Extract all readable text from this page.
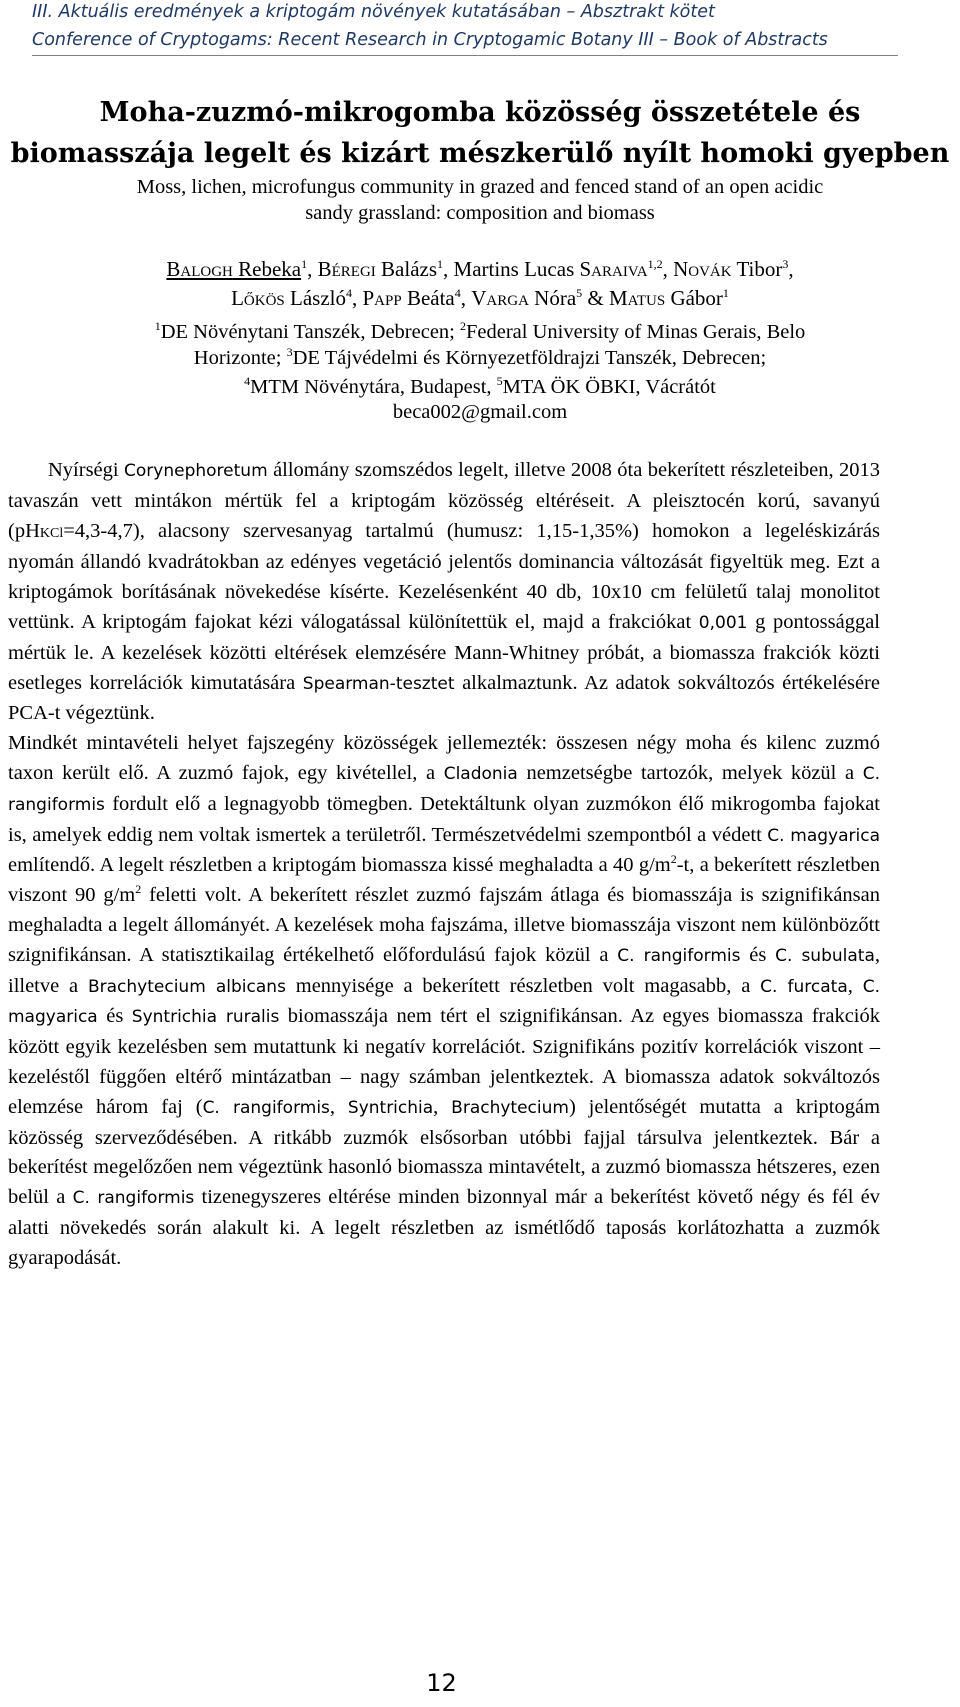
III. Aktuális eredmények a kriptogám növények kutatásában – Absztrakt kötet
Conference of Cryptogams: Recent Research in Cryptogamic Botany III – Book of Abstracts
Moha-zuzmó-mikrogomba közösség összetétele és
biomasszája legelt és kizárt mészkerülő nyílt homoki gyepben
Moss, lichen, microfungus community in grazed and fenced stand of an open acidic
sandy grassland: composition and biomass
Balogh Rebeka$^1$, Béregi Balázs$^1$, Martins Lucas Saraiva$^{1,2}$, Novák Tibor$^3$,
Lőkös László$^4$, Papp Beáta$^4$, Varga Nóra$^5$ & Matus Gábor$^1$
$^1$DE Növénytani Tanszék, Debrecen; $^2$Federal University of Minas Gerais, Belo
Horizonte; $^3$DE Tájvédelmi és Környezetföldrajzi Tanszék, Debrecen;
$^4$MTM Növénytára, Budapest, $^5$MTA ÖK ÖBKI, Vácrátót
beca002@gmail.com

Nyírségi Corynephoretum állomány szomszédos legelt, illetve 2008 óta bekerített részleteiben, 2013 tavaszán vett mintákon mértük fel a kriptogám közösség eltéréseit. A pleisztocén korú, savanyú (pHKCl=4,3-4,7), alacsony szervesanyag tartalmú (humusz: 1,15-1,35%) homokon a legeléskizárás nyomán állandó kvadrátokban az edényes vegetáció jelentős dominancia változását figyeltük meg. Ezt a kriptogámok borításának növekedése kísérte. Kezelésenként 40 db, 10x10 cm felületű talaj monolitot vettünk. A kriptogám fajokat kézi válogatással különítettük el, majd a frakciókat 0,001 g pontossággal mértük le. A kezelések közötti eltérések elemzésére Mann-Whitney próbát, a biomassza frakciók közti esetleges korrelációk kimutatására Spearman-tesztet alkalmaztunk. Az adatok sokváltozós értékelésére PCA-t végeztünk.

Mindkét mintavételi helyet fajszegény közösségek jellemezték: összesen négy moha és kilenc zuzmó taxon került elő. A zuzmó fajok, egy kivétellel, a Cladonia nemzetségbe tartozók, melyek közül a C. rangiformis fordult elő a legnagyobb tömegben. Detektáltunk olyan zuzmókon élő mikrogomba fajokat is, amelyek eddig nem voltak ismertek a területről. Természetvédelmi szempontból a védett C. magyarica említendő. A legelt részletben a kriptogám biomassza kissé meghaladta a 40 $g/m^2-t$, a bekerített részletben viszont 90 $g/m^2$ feletti volt. A bekerített részlet zuzmó fajszám átlaga és biomasszája is szignifikánsan meghaladta a legelt állományét. A kezelések moha fajszáma, illetve biomasszája viszont nem különbözőtt szignifikánsan. A statisztikailag értékelhető előfordulású fajok közül a C. rangiformis és C. subulata, illetve a Brachytecium albicans mennyisége a bekerített részletben volt magasabb, a C. furcata, C. magyarica és Syntrichia ruralis biomasszája nem tért el szignifikánsan. Az egyes biomassza frakciók között egyik kezelésben sem mutattunk ki negatív korrelációt. Szignifikáns pozitív korrelációk viszont – kezeléstől függően eltérő mintázatban – nagy számban jelentkeztek. A biomassza adatok sokváltozós elemzése három faj (C. rangiformis, Syntrichia, Brachytecium) jelentőségét mutatta a kriptogám közösség szerveződésében. A ritkább zuzmók elsősorban utóbbi fajjal társulva jelentkeztek. Bár a bekerítést megelőzően nem végeztünk hasonló biomassza mintavételt, a zuzmó biomassza hétszeres, ezen belül a C. rangiformis tizenegyszeres eltérése minden bizonnyal már a bekerítést követő négy és fél év alatti növekedés során alakult ki. A legelt részletben az ismétlődő taposás korlátozhatta a zuzmók gyarapodását.

12
